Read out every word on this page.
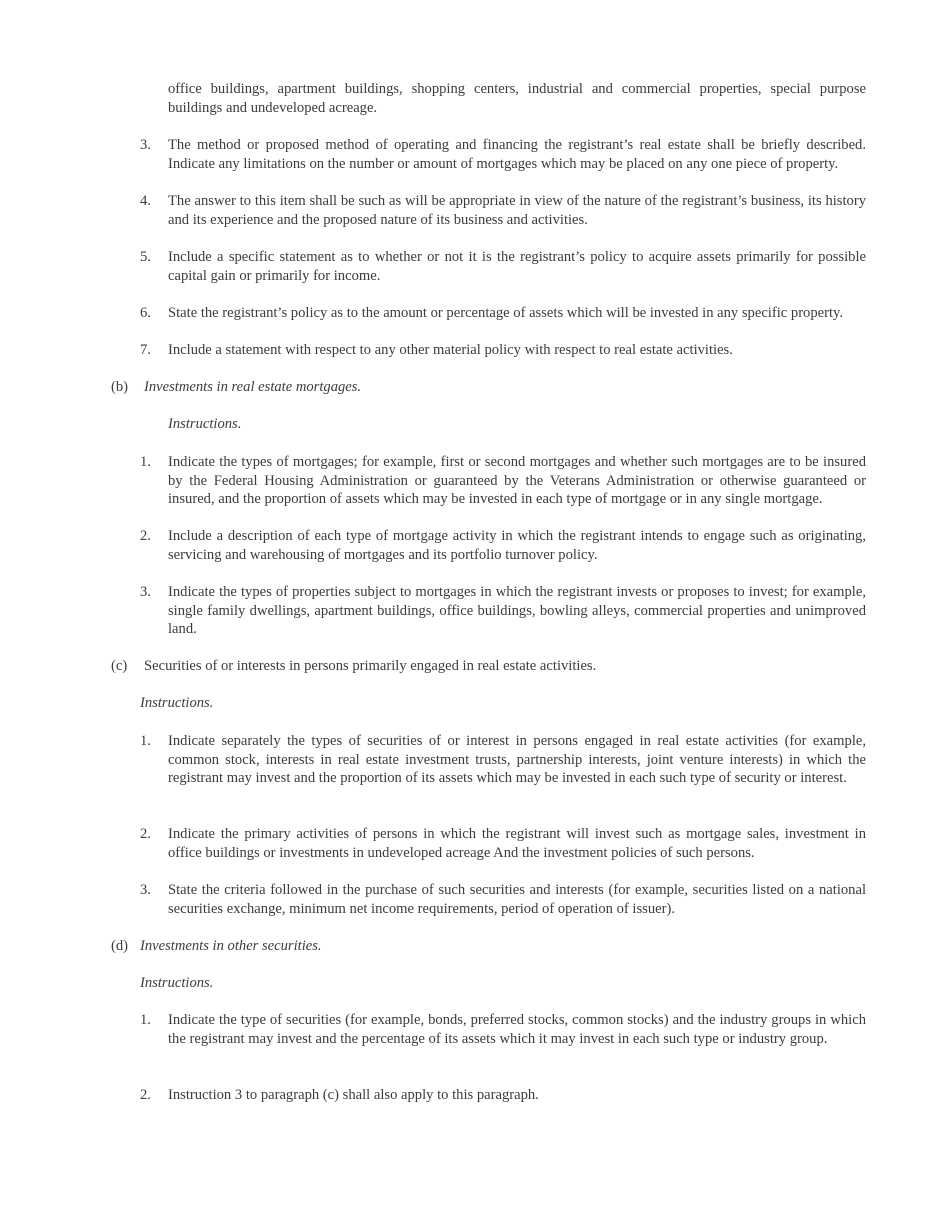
office buildings, apartment buildings, shopping centers, industrial and commercial properties, special purpose buildings and undeveloped acreage.
3. The method or proposed method of operating and financing the registrant’s real estate shall be briefly described. Indicate any limitations on the number or amount of mortgages which may be placed on any one piece of property.
4. The answer to this item shall be such as will be appropriate in view of the nature of the registrant’s business, its history and its experience and the proposed nature of its business and activities.
5. Include a specific statement as to whether or not it is the registrant’s policy to acquire assets primarily for possible capital gain or primarily for income.
6. State the registrant’s policy as to the amount or percentage of assets which will be invested in any specific property.
7. Include a statement with respect to any other material policy with respect to real estate activities.
(b) Investments in real estate mortgages.
Instructions.
1. Indicate the types of mortgages; for example, first or second mortgages and whether such mortgages are to be insured by the Federal Housing Administration or guaranteed by the Veterans Administration or otherwise guaranteed or insured, and the proportion of assets which may be invested in each type of mortgage or in any single mortgage.
2. Include a description of each type of mortgage activity in which the registrant intends to engage such as originating, servicing and warehousing of mortgages and its portfolio turnover policy.
3. Indicate the types of properties subject to mortgages in which the registrant invests or proposes to invest; for example, single family dwellings, apartment buildings, office buildings, bowling alleys, commercial properties and unimproved land.
(c) Securities of or interests in persons primarily engaged in real estate activities.
Instructions.
1. Indicate separately the types of securities of or interest in persons engaged in real estate activities (for example, common stock, interests in real estate investment trusts, partnership interests, joint venture interests) in which the registrant may invest and the proportion of its assets which may be invested in each such type of security or interest.
2. Indicate the primary activities of persons in which the registrant will invest such as mortgage sales, investment in office buildings or investments in undeveloped acreage And the investment policies of such persons.
3. State the criteria followed in the purchase of such securities and interests (for example, securities listed on a national securities exchange, minimum net income requirements, period of operation of issuer).
(d) Investments in other securities.
Instructions.
1. Indicate the type of securities (for example, bonds, preferred stocks, common stocks) and the industry groups in which the registrant may invest and the percentage of its assets which it may invest in each such type or industry group.
2. Instruction 3 to paragraph (c) shall also apply to this paragraph.
